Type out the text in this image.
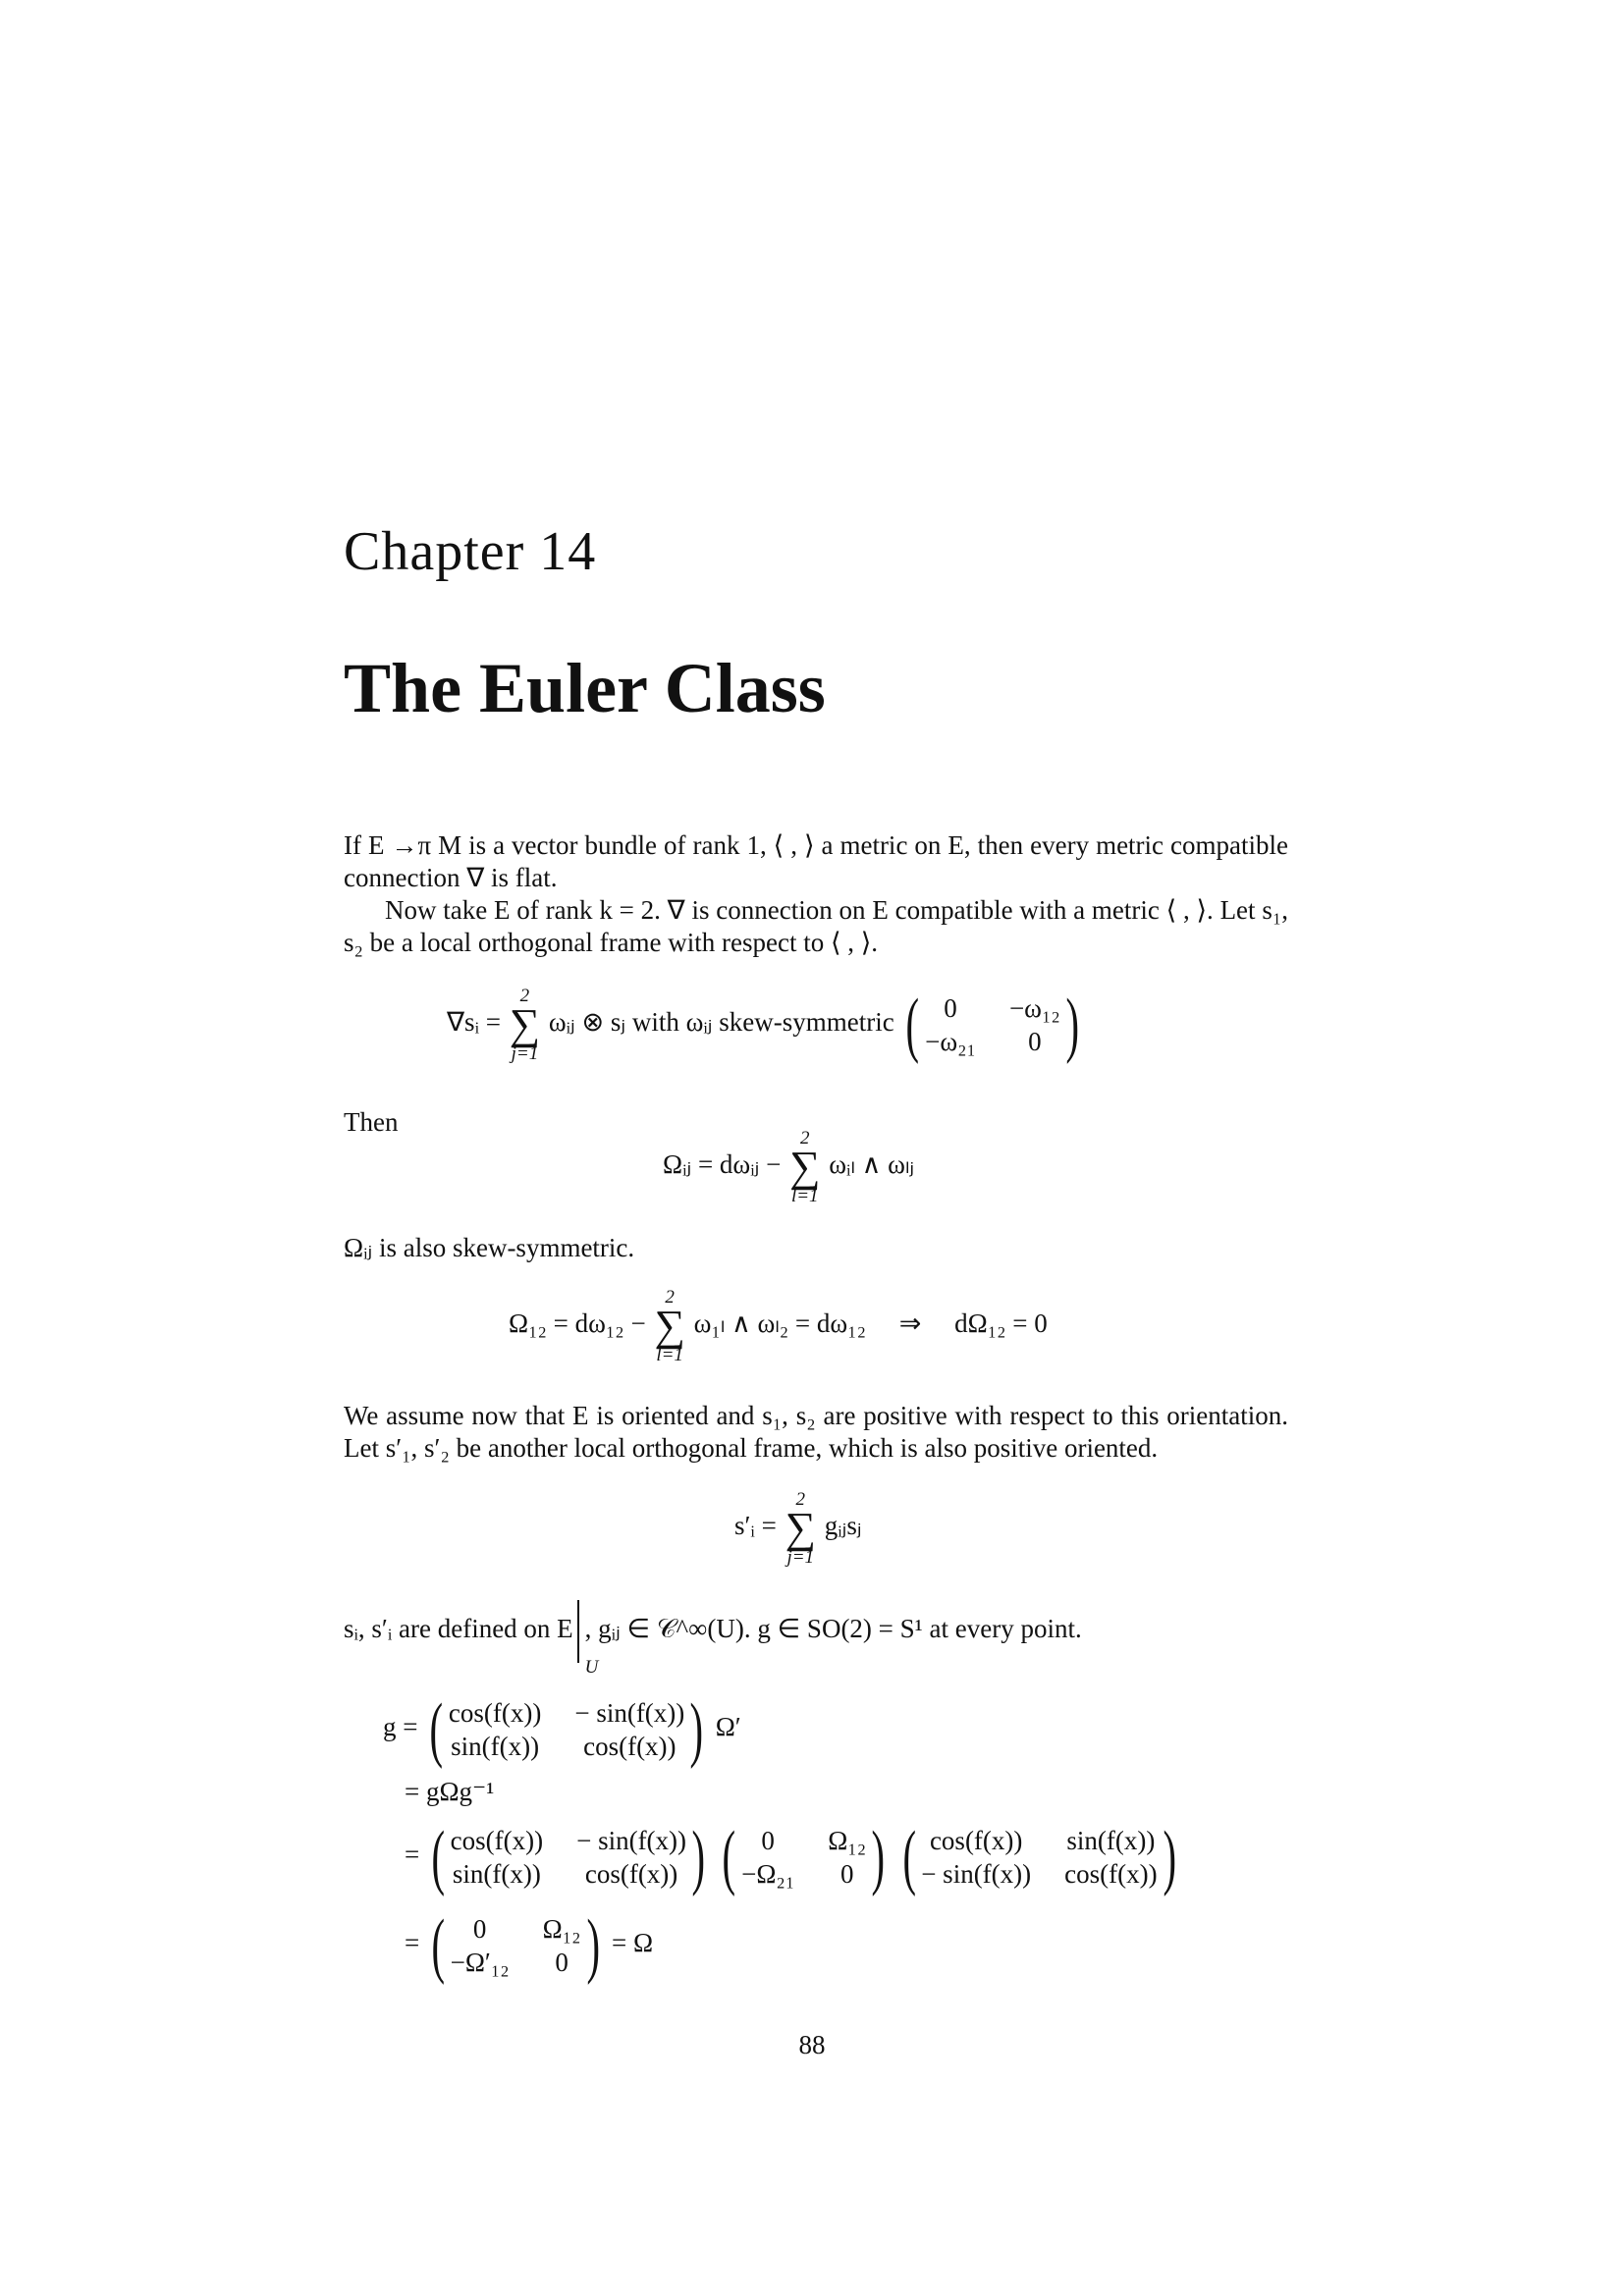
Chapter 14
The Euler Class
If E →π M is a vector bundle of rank 1, ⟨ , ⟩ a metric on E, then every metric compatible connection ∇ is flat.
Now take E of rank k = 2. ∇ is connection on E compatible with a metric ⟨ , ⟩. Let s₁, s₂ be a local orthogonal frame with respect to ⟨ , ⟩.
∇sᵢ =
2
∑
j=1
ωᵢⱼ ⊗ sⱼ with ωᵢⱼ skew-symmetric ( 0	−ω₁₂
−ω₂₁	0 )
Then
Ωᵢⱼ = dωᵢⱼ −
2
∑
l=1
ωᵢₗ ∧ ωₗⱼ
Ωᵢⱼ is also skew-symmetric.
Ω₁₂ = dω₁₂ −
2
∑
l=1
ω₁ₗ ∧ ωₗ₂ = dω₁₂     ⇒     dΩ₁₂ = 0
We assume now that E is oriented and s₁, s₂ are positive with respect to this orientation. Let s′₁, s′₂ be another local orthogonal frame, which is also positive oriented.
s′ᵢ =
2
∑
j=1
gᵢⱼsⱼ
sᵢ, s′ᵢ are defined on E
U
, gᵢⱼ ∈ 𝒞^∞(U). g ∈ SO(2) = S¹ at every point.
g = ( cos(f(x)) − sin(f(x))
sin(f(x))	cos(f(x)) ) Ω′
= gΩg⁻¹
= ( cos(f(x)) − sin(f(x))
sin(f(x))	cos(f(x)) )
( 0	Ω₁₂
−Ω₂₁	0 )
( cos(f(x))	sin(f(x))
− sin(f(x)) cos(f(x)) )
= (	0	Ω₁₂
−Ω′₁₂	0 ) = Ω
88
